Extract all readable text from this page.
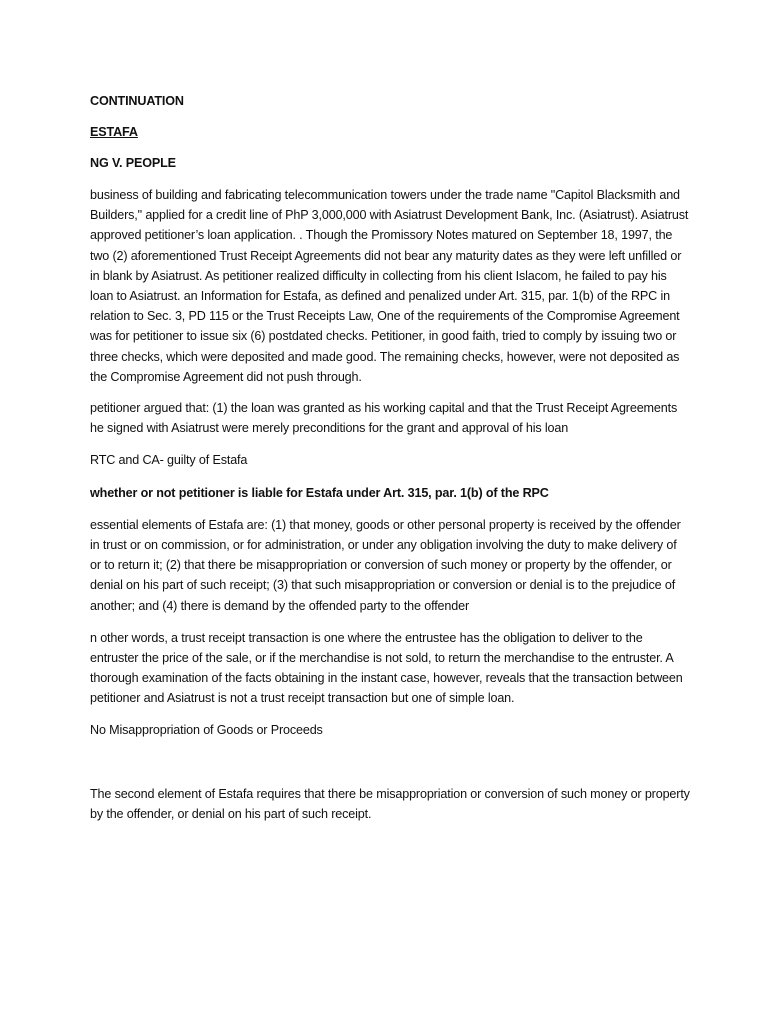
CONTINUATION

ESTAFA

NG V. PEOPLE

business of building and fabricating telecommunication towers under the trade name "Capitol Blacksmith and Builders," applied for a credit line of PhP 3,000,000 with Asiatrust Development Bank, Inc. (Asiatrust). Asiatrust approved petitioner’s loan application. . Though the Promissory Notes matured on September 18, 1997, the two (2) aforementioned Trust Receipt Agreements did not bear any maturity dates as they were left unfilled or in blank by Asiatrust. As petitioner realized difficulty in collecting from his client Islacom, he failed to pay his loan to Asiatrust. an Information for Estafa, as defined and penalized under Art. 315, par. 1(b) of the RPC in relation to Sec. 3, PD 115 or the Trust Receipts Law, One of the requirements of the Compromise Agreement was for petitioner to issue six (6) postdated checks. Petitioner, in good faith, tried to comply by issuing two or three checks, which were deposited and made good. The remaining checks, however, were not deposited as the Compromise Agreement did not push through.

petitioner argued that: (1) the loan was granted as his working capital and that the Trust Receipt Agreements he signed with Asiatrust were merely preconditions for the grant and approval of his loan

RTC and CA- guilty of Estafa

whether or not petitioner is liable for Estafa under Art. 315, par. 1(b) of the RPC

essential elements of Estafa are: (1) that money, goods or other personal property is received by the offender in trust or on commission, or for administration, or under any obligation involving the duty to make delivery of or to return it; (2) that there be misappropriation or conversion of such money or property by the offender, or denial on his part of such receipt; (3) that such misappropriation or conversion or denial is to the prejudice of another; and (4) there is demand by the offended party to the offender

n other words, a trust receipt transaction is one where the entrustee has the obligation to deliver to the entruster the price of the sale, or if the merchandise is not sold, to return the merchandise to the entruster. A thorough examination of the facts obtaining in the instant case, however, reveals that the transaction between petitioner and Asiatrust is not a trust receipt transaction but one of simple loan.

No Misappropriation of Goods or Proceeds

The second element of Estafa requires that there be misappropriation or conversion of such money or property by the offender, or denial on his part of such receipt.
